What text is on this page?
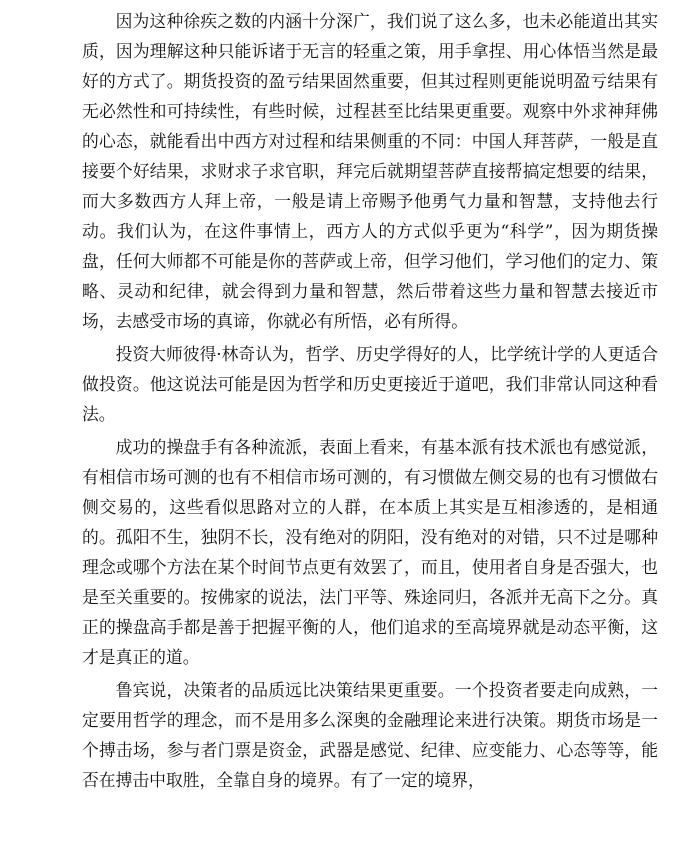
因为这种徐疾之数的内涵十分深广，我们说了这么多，也未必能道出其实质，因为理解这种只能诉诸于无言的轻重之策，用手拿捏、用心体悟当然是最好的方式了。期货投资的盈亏结果固然重要，但其过程则更能说明盈亏结果有无必然性和可持续性，有些时候，过程甚至比结果更重要。观察中外求神拜佛的心态，就能看出中西方对过程和结果侧重的不同：中国人拜菩萨，一般是直接要个好结果，求财求子求官职，拜完后就期望菩萨直接帮搞定想要的结果，而大多数西方人拜上帝，一般是请上帝赐予他勇气力量和智慧，支持他去行动。我们认为，在这件事情上，西方人的方式似乎更为“科学”，因为期货操盘，任何大师都不可能是你的菩萨或上帝，但学习他们，学习他们的定力、策略、灵动和纪律，就会得到力量和智慧，然后带着这些力量和智慧去接近市场，去感受市场的真谛，你就必有所悟，必有所得。

投资大师彼得·林奇认为，哲学、历史学得好的人，比学统计学的人更适合做投资。他这说法可能是因为哲学和历史更接近于道吧，我们非常认同这种看法。

成功的操盘手有各种流派，表面上看来，有基本派有技术派也有感觉派，有相信市场可测的也有不相信市场可测的，有习惯做左侧交易的也有习惯做右侧交易的，这些看似思路对立的人群，在本质上其实是互相渗透的，是相通的。孤阳不生，独阴不长，没有绝对的阴阳，没有绝对的对错，只不过是哪种理念或哪个方法在某个时间节点更有效罢了，而且，使用者自身是否强大，也是至关重要的。按佛家的说法，法门平等、殊途同归，各派并无高下之分。真正的操盘高手都是善于把握平衡的人，他们追求的至高境界就是动态平衡，这才是真正的道。

鲁宾说，决策者的品质远比决策结果更重要。一个投资者要走向成熟，一定要用哲学的理念，而不是用多么深奥的金融理论来进行决策。期货市场是一个搏击场，参与者门票是资金，武器是感觉、纪律、应变能力、心态等等，能否在搏击中取胜，全靠自身的境界。有了一定的境界，
